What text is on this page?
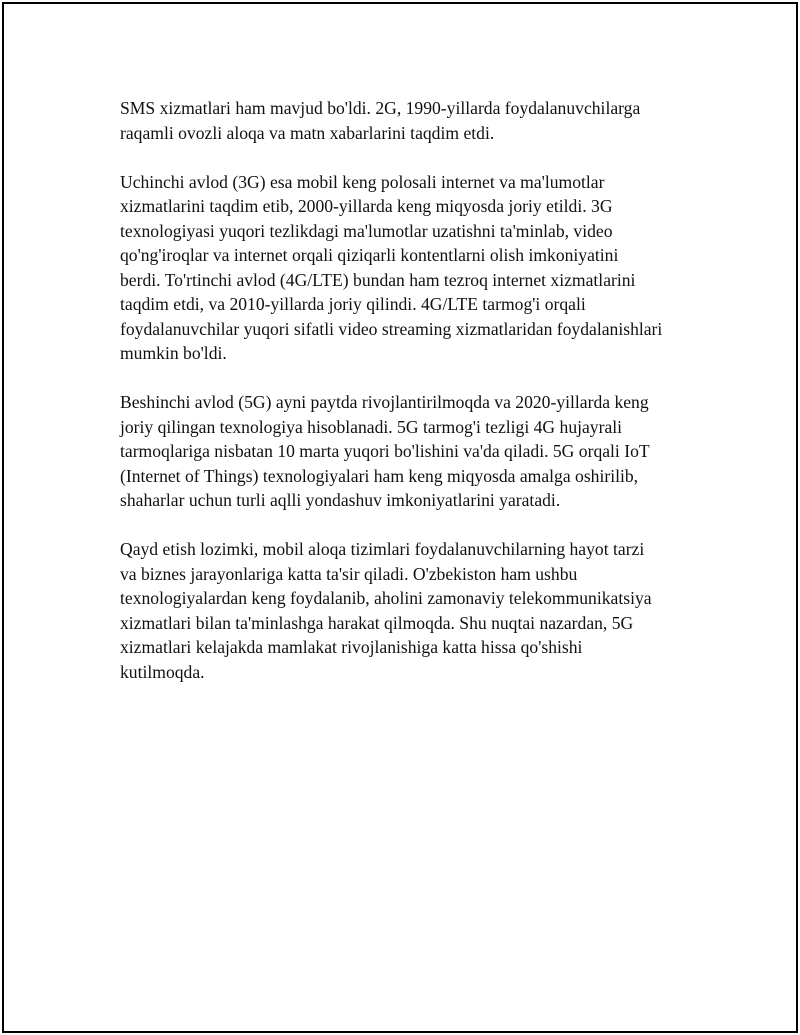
SMS xizmatlari ham mavjud bo'ldi. 2G, 1990-yillarda foydalanuvchilarga
raqamli ovozli aloqa va matn xabarlarini taqdim etdi.

Uchinchi avlod (3G) esa mobil keng polosali internet va ma'lumotlar
xizmatlarini taqdim etib, 2000-yillarda keng miqyosda joriy etildi. 3G
texnologiyasi yuqori tezlikdagi ma'lumotlar uzatishni ta'minlab, video
qo'ng'iroqlar va internet orqali qiziqarli kontentlarni olish imkoniyatini
berdi. To'rtinchi avlod (4G/LTE) bundan ham tezroq internet xizmatlarini
taqdim etdi, va 2010-yillarda joriy qilindi. 4G/LTE tarmog'i orqali
foydalanuvchilar yuqori sifatli video streaming xizmatlaridan foydalanishlari
mumkin bo'ldi.

Beshinchi avlod (5G) ayni paytda rivojlantirilmoqda va 2020-yillarda keng
joriy qilingan texnologiya hisoblanadi. 5G tarmog'i tezligi 4G hujayrali
tarmoqlariga nisbatan 10 marta yuqori bo'lishini va'da qiladi. 5G orqali IoT
(Internet of Things) texnologiyalari ham keng miqyosda amalga oshirilib,
shaharlar uchun turli aqlli yondashuv imkoniyatlarini yaratadi.

Qayd etish lozimki, mobil aloqa tizimlari foydalanuvchilarning hayot tarzi
va biznes jarayonlariga katta ta'sir qiladi. O'zbekiston ham ushbu
texnologiyalardan keng foydalanib, aholini zamonaviy telekommunikatsiya
xizmatlari bilan ta'minlashga harakat qilmoqda. Shu nuqtai nazardan, 5G
xizmatlari kelajakda mamlakat rivojlanishiga katta hissa qo'shishi
kutilmoqda.
